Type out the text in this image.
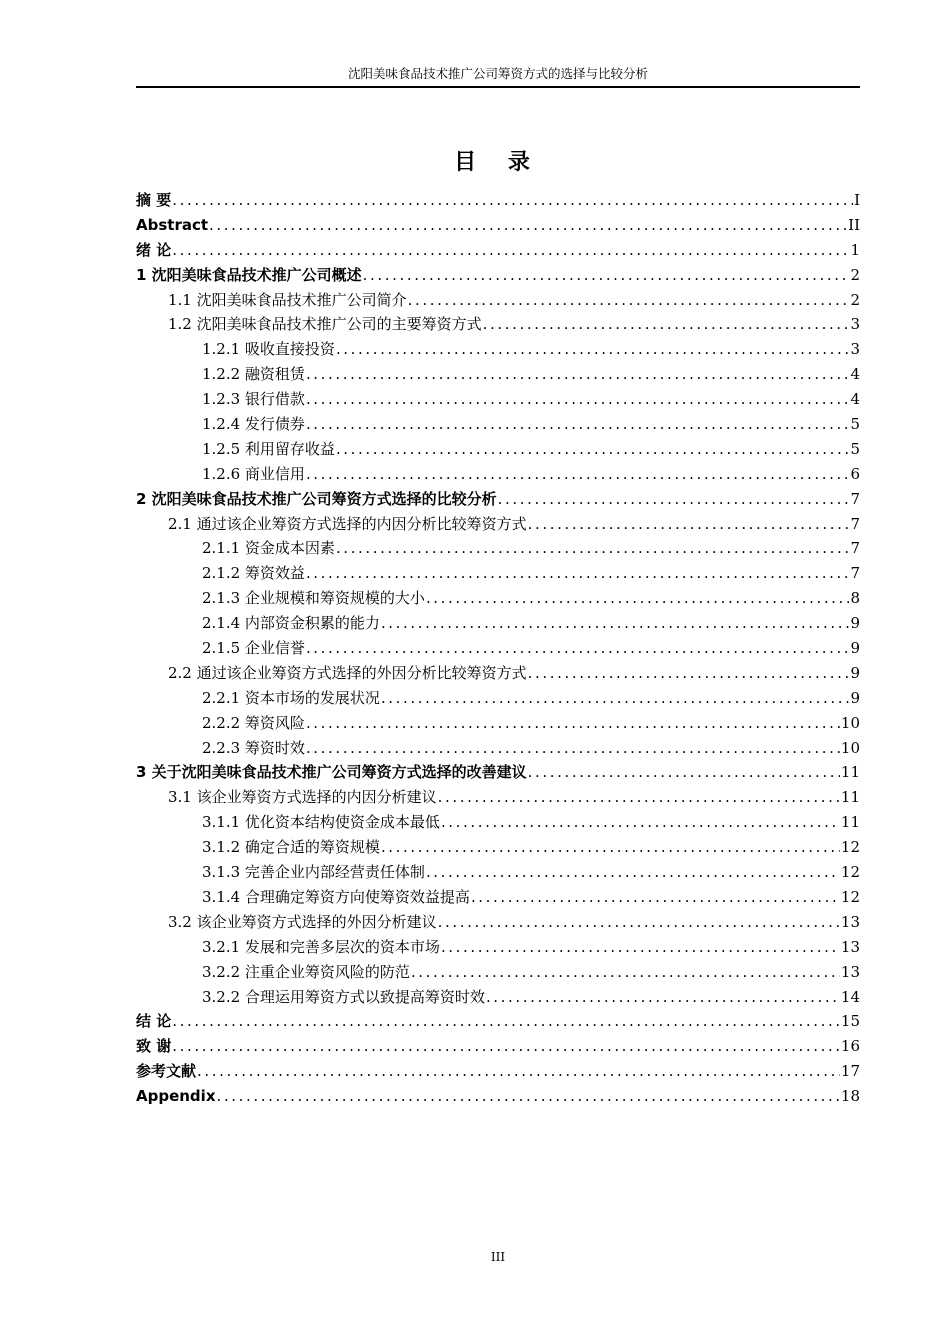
沈阳美味食品技术推广公司筹资方式的选择与比较分析
目 录
摘 要 .....	I
Abstract .....	II
绪 论 .....	1
1 沈阳美味食品技术推广公司概述 .....	2
1.1 沈阳美味食品技术推广公司简介 .....	2
1.2 沈阳美味食品技术推广公司的主要筹资方式 .....	3
1.2.1 吸收直接投资 .....	3
1.2.2 融资租赁 .....	4
1.2.3 银行借款 .....	4
1.2.4 发行债券 .....	5
1.2.5 利用留存收益 .....	5
1.2.6 商业信用 .....	6
2 沈阳美味食品技术推广公司筹资方式选择的比较分析 .....	7
2.1 通过该企业筹资方式选择的内因分析比较筹资方式 .....	7
2.1.1 资金成本因素 .....	7
2.1.2 筹资效益 .....	7
2.1.3 企业规模和筹资规模的大小 .....	8
2.1.4 内部资金积累的能力 .....	9
2.1.5 企业信誉 .....	9
2.2 通过该企业筹资方式选择的外因分析比较筹资方式 .....	9
2.2.1 资本市场的发展状况 .....	9
2.2.2 筹资风险 .....	10
2.2.3 筹资时效 .....	10
3 关于沈阳美味食品技术推广公司筹资方式选择的改善建议 .....	11
3.1 该企业筹资方式选择的内因分析建议 .....	11
3.1.1 优化资本结构使资金成本最低 .....	11
3.1.2 确定合适的筹资规模 .....	12
3.1.3 完善企业内部经营责任体制 .....	12
3.1.4 合理确定筹资方向使筹资效益提高 .....	12
3.2 该企业筹资方式选择的外因分析建议 .....	13
3.2.1 发展和完善多层次的资本市场 .....	13
3.2.2 注重企业筹资风险的防范 .....	13
3.2.2 合理运用筹资方式以致提高筹资时效 .....	14
结 论 .....	15
致 谢 .....	16
参考文献 .....	17
Appendix .....	18
III
